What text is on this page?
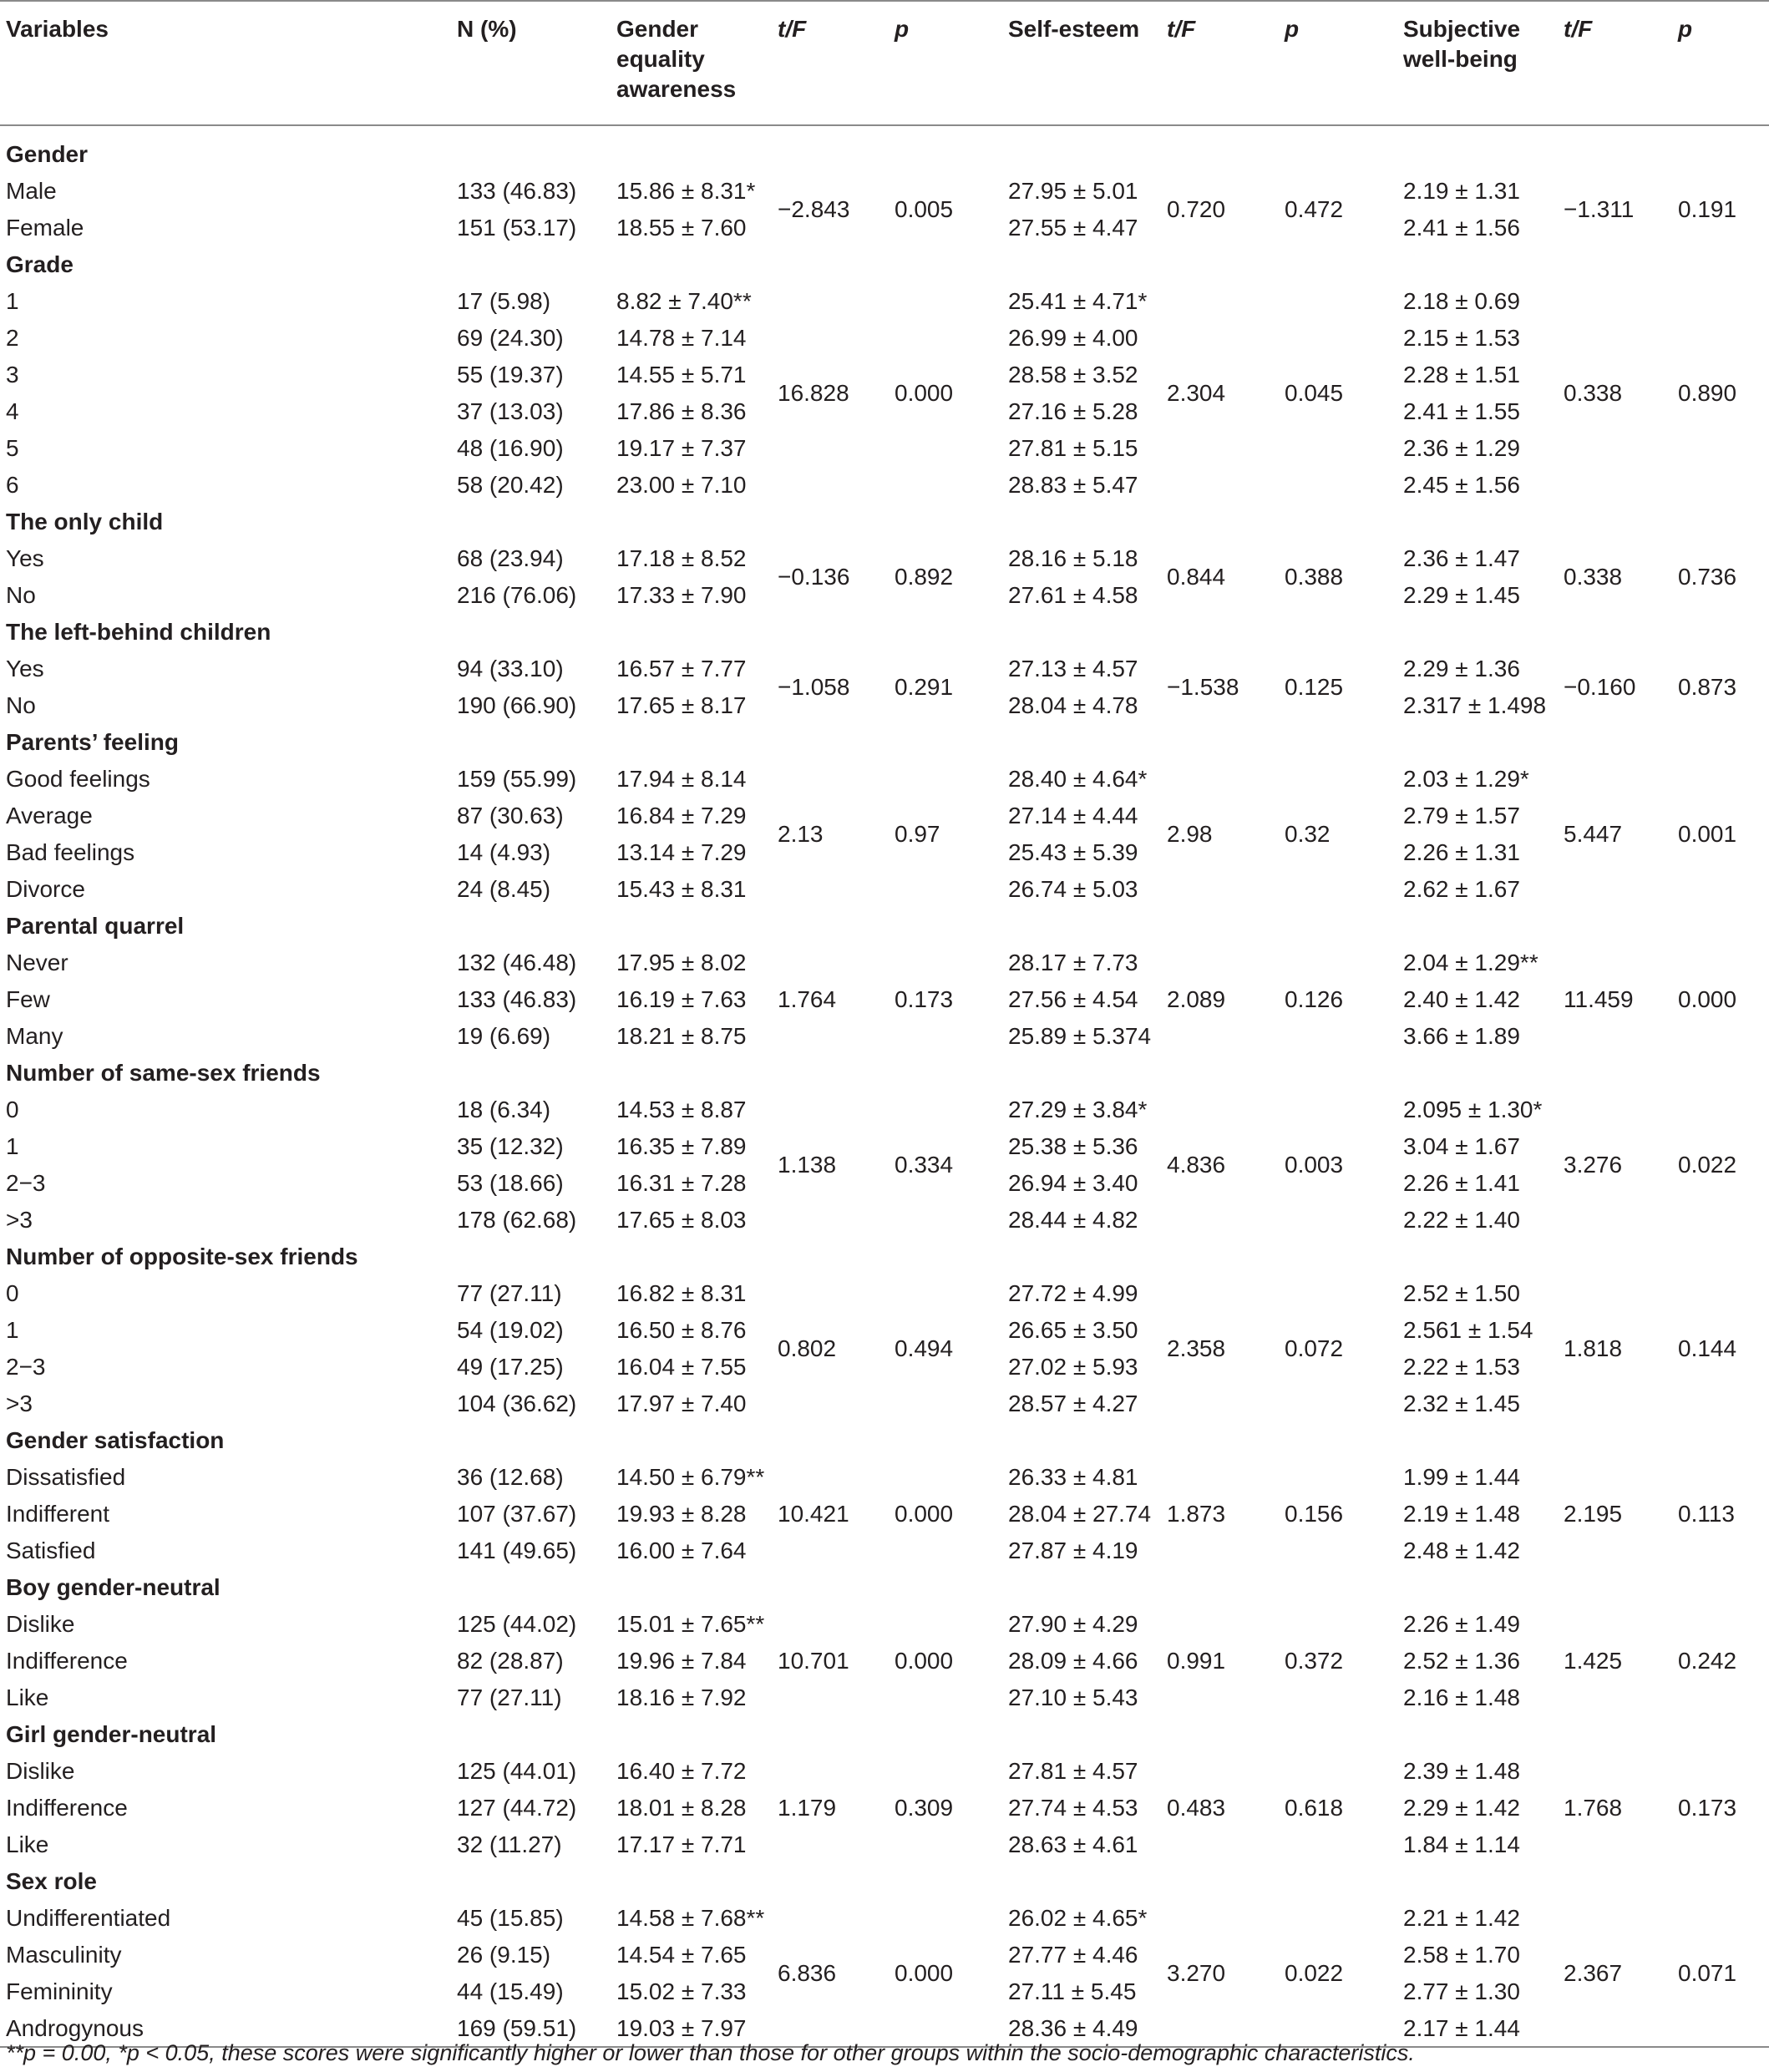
Variables	N (%)	Gender equality awareness	t/F	p	Self-esteem	t/F	p	Subjective well-being	t/F	p

Gender										
Male	133 (46.83)	15.86 ± 8.31*	−2.843	0.005	27.95 ± 5.01	0.720	0.472	2.19 ± 1.31	−1.311	0.191
Female	151 (53.17)	18.55 ± 7.60			27.55 ± 4.47			2.41 ± 1.56		
Grade										
1	17 (5.98)	8.82 ± 7.40**	16.828	0.000	25.41 ± 4.71*	2.304	0.045	2.18 ± 0.69	0.338	0.890
2	69 (24.30)	14.78 ± 7.14			26.99 ± 4.00			2.15 ± 1.53		
3	55 (19.37)	14.55 ± 5.71			28.58 ± 3.52			2.28 ± 1.51		
4	37 (13.03)	17.86 ± 8.36			27.16 ± 5.28			2.41 ± 1.55		
5	48 (16.90)	19.17 ± 7.37			27.81 ± 5.15			2.36 ± 1.29		
6	58 (20.42)	23.00 ± 7.10			28.83 ± 5.47			2.45 ± 1.56		
The only child										
Yes	68 (23.94)	17.18 ± 8.52	−0.136	0.892	28.16 ± 5.18	0.844	0.388	2.36 ± 1.47	0.338	0.736
No	216 (76.06)	17.33 ± 7.90			27.61 ± 4.58			2.29 ± 1.45		
The left-behind children										
Yes	94 (33.10)	16.57 ± 7.77	−1.058	0.291	27.13 ± 4.57	−1.538	0.125	2.29 ± 1.36	−0.160	0.873
No	190 (66.90)	17.65 ± 8.17			28.04 ± 4.78			2.317 ± 1.498		
Parents’ feeling										
Good feelings	159 (55.99)	17.94 ± 8.14	2.13	0.97	28.40 ± 4.64*	2.98	0.32	2.03 ± 1.29*	5.447	0.001
Average	87 (30.63)	16.84 ± 7.29			27.14 ± 4.44			2.79 ± 1.57		
Bad feelings	14 (4.93)	13.14 ± 7.29			25.43 ± 5.39			2.26 ± 1.31		
Divorce	24 (8.45)	15.43 ± 8.31			26.74 ± 5.03			2.62 ± 1.67		
Parental quarrel										
Never	132 (46.48)	17.95 ± 8.02	1.764	0.173	28.17 ± 7.73	2.089	0.126	2.04 ± 1.29**	11.459	0.000
Few	133 (46.83)	16.19 ± 7.63			27.56 ± 4.54			2.40 ± 1.42		
Many	19 (6.69)	18.21 ± 8.75			25.89 ± 5.374			3.66 ± 1.89		
Number of same-sex friends										
0	18 (6.34)	14.53 ± 8.87	1.138	0.334	27.29 ± 3.84*	4.836	0.003	2.095 ± 1.30*	3.276	0.022
1	35 (12.32)	16.35 ± 7.89			25.38 ± 5.36			3.04 ± 1.67		
2−3	53 (18.66)	16.31 ± 7.28			26.94 ± 3.40			2.26 ± 1.41		
>3	178 (62.68)	17.65 ± 8.03			28.44 ± 4.82			2.22 ± 1.40		
Number of opposite-sex friends										
0	77 (27.11)	16.82 ± 8.31	0.802	0.494	27.72 ± 4.99	2.358	0.072	2.52 ± 1.50	1.818	0.144
1	54 (19.02)	16.50 ± 8.76			26.65 ± 3.50			2.561 ± 1.54		
2−3	49 (17.25)	16.04 ± 7.55			27.02 ± 5.93			2.22 ± 1.53		
>3	104 (36.62)	17.97 ± 7.40			28.57 ± 4.27			2.32 ± 1.45		
Gender satisfaction										
Dissatisfied	36 (12.68)	14.50 ± 6.79**	10.421	0.000	26.33 ± 4.81	1.873	0.156	1.99 ± 1.44	2.195	0.113
Indifferent	107 (37.67)	19.93 ± 8.28			28.04 ± 27.74			2.19 ± 1.48		
Satisfied	141 (49.65)	16.00 ± 7.64			27.87 ± 4.19			2.48 ± 1.42		
Boy gender-neutral										
Dislike	125 (44.02)	15.01 ± 7.65**	10.701	0.000	27.90 ± 4.29	0.991	0.372	2.26 ± 1.49	1.425	0.242
Indifference	82 (28.87)	19.96 ± 7.84			28.09 ± 4.66			2.52 ± 1.36		
Like	77 (27.11)	18.16 ± 7.92			27.10 ± 5.43			2.16 ± 1.48		
Girl gender-neutral										
Dislike	125 (44.01)	16.40 ± 7.72	1.179	0.309	27.81 ± 4.57	0.483	0.618	2.39 ± 1.48	1.768	0.173
Indifference	127 (44.72)	18.01 ± 8.28			27.74 ± 4.53			2.29 ± 1.42		
Like	32 (11.27)	17.17 ± 7.71			28.63 ± 4.61			1.84 ± 1.14		
Sex role										
Undifferentiated	45 (15.85)	14.58 ± 7.68**	6.836	0.000	26.02 ± 4.65*	3.270	0.022	2.21 ± 1.42	2.367	0.071
Masculinity	26 (9.15)	14.54 ± 7.65			27.77 ± 4.46			2.58 ± 1.70		
Femininity	44 (15.49)	15.02 ± 7.33			27.11 ± 5.45			2.77 ± 1.30		
Androgynous	169 (59.51)	19.03 ± 7.97			28.36 ± 4.49			2.17 ± 1.44		
**p = 0.00, *p < 0.05, these scores were significantly higher or lower than those for other groups within the socio-demographic characteristics.
